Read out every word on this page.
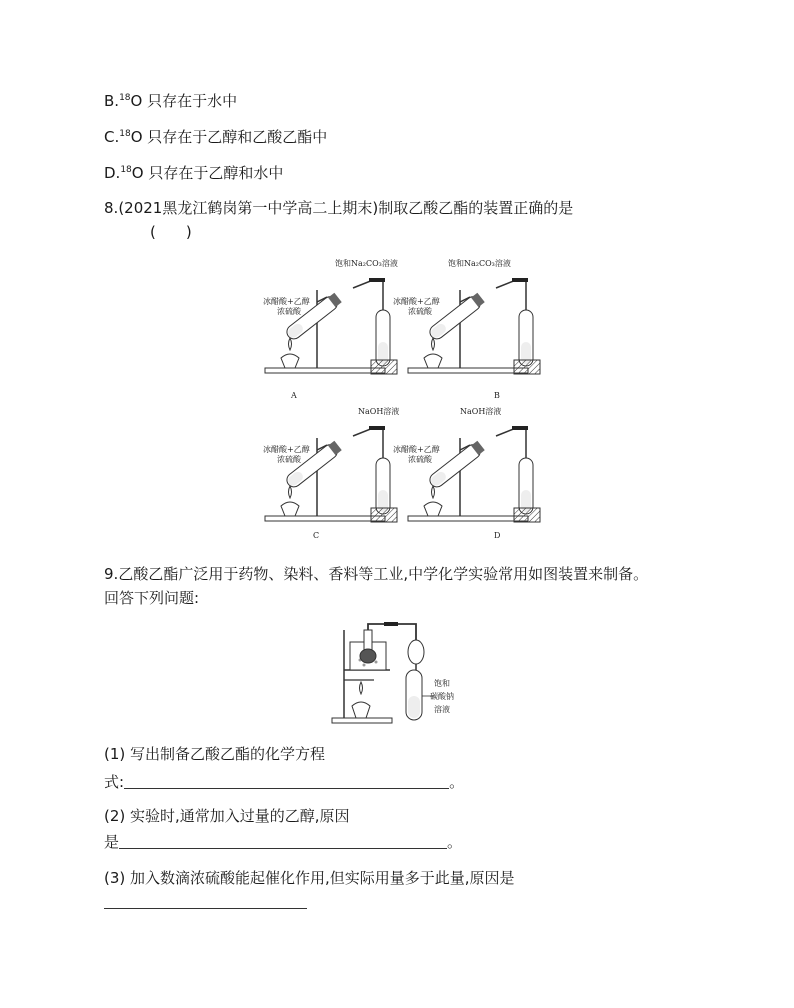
B.$^{18}$O 只存在于水中
C.$^{18}$O 只存在于乙醇和乙酸乙酯中
D.$^{18}$O 只存在于乙醇和水中
8.(2021黑龙江鹤岗第一中学高二上期末)制取乙酸乙酯的装置正确的是
(　　)
饱和Na₂CO₃溶液
冰醋酸+乙醇
浓硫酸
A
饱和Na₂CO₃溶液
冰醋酸+乙醇
浓硫酸
B
NaOH溶液
冰醋酸+乙醇
浓硫酸
C
NaOH溶液
冰醋酸+乙醇
浓硫酸
D
9.乙酸乙酯广泛用于药物、染料、香料等工业,中学化学实验常用如图装置来制备。
回答下列问题:
饱和
碳酸钠
溶液
(1) 写出制备乙酸乙酯的化学方程
式:	。
(2) 实验时,通常加入过量的乙醇,原因
是	。
(3) 加入数滴浓硫酸能起催化作用,但实际用量多于此量,原因是
